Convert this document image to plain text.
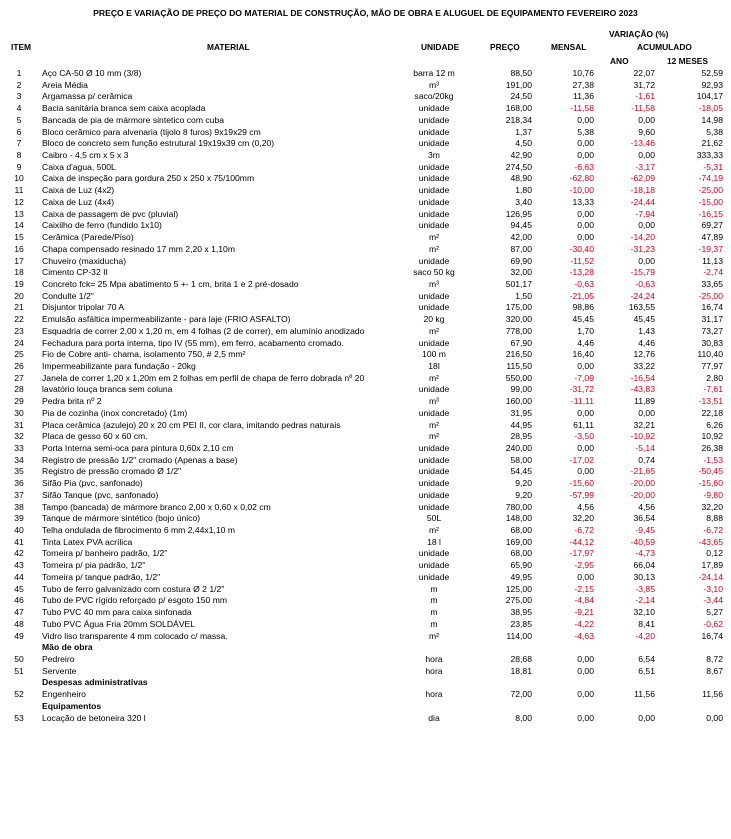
PREÇO E VARIAÇÃO DE PREÇO DO MATERIAL DE CONSTRUÇÃO, MÃO DE OBRA E ALUGUEL DE EQUIPAMENTO FEVEREIRO 2023
VARIAÇÃO (%)
ITEM	MATERIAL	UNIDADE	PREÇO	MENSAL	ACUMULADO
ANO	12 MESES
1	Aço CA-50 Ø 10 mm (3/8)	barra 12 m	88,50	10,76	22,07	52,59
2	Areia Média	m³	191,00	27,38	31,72	92,93
3	Argamassa p/ cerâmica	saco/20kg	24,50	11,36	-1,61	104,17
4	Bacia sanitária branca sem caixa acoplada	unidade	168,00	-11,58	-11,58	-18,05
5	Bancada de pia de mármore sintetico com cuba	unidade	218,34	0,00	0,00	14,98
6	Bloco cerâmico para alvenaria (tijolo 8 furos) 9x19x29 cm	unidade	1,37	5,38	9,60	5,38
7	Bloco de concreto sem função estrutural 19x19x39 cm (0,20)	unidade	4,50	0,00	-13,46	21,62
8	Caibro - 4,5 cm x 5 x 3	3m	42,90	0,00	0,00	333,33
9	Caixa d'agua, 500L	unidade	274,50	-6,63	-3,17	-5,31
10	Caixa de inspeção para gordura 250 x 250 x 75/100mm	unidade	48,90	-62,80	-62,09	-74,19
11	Caixa de Luz (4x2)	unidade	1,80	-10,00	-18,18	-25,00
12	Caixa de Luz (4x4)	unidade	3,40	13,33	-24,44	-15,00
13	Caixa de passagem de pvc (pluvial)	unidade	126,95	0,00	-7,94	-16,15
14	Caixilho de ferro (fundido 1x10)	unidade	94,45	0,00	0,00	69,27
15	Cerâmica (Parede/Piso)	m²	42,00	0,00	-14,20	47,89
16	Chapa compensado resinado 17 mm 2,20 x 1,10m	m²	87,00	-30,40	-31,23	-19,37
17	Chuveiro (maxiducha)	unidade	69,90	-11,52	0,00	11,13
18	Cimento CP-32 II	saco 50 kg	32,00	-13,28	-15,79	-2,74
19	Concreto fck= 25 Mpa abatimento 5 +- 1 cm, brita 1 e 2 pré-dosado	m³	501,17	-0,63	-0,63	33,65
20	Condulte 1/2"	unidade	1,50	-21,05	-24,24	-25,00
21	Disjuntor tripolar 70 A	unidade	175,00	98,86	163,55	16,74
22	Emulsão asfáltica impermeabilizante - para laje (FRIO ASFALTO)	20 kg	320,00	45,45	45,45	31,17
23	Esquadria de correr 2,00 x 1,20 m, em 4 folhas (2 de correr), em alumínio anodizado	m²	778,00	1,70	1,43	73,27
24	Fechadura para porta interna, tipo IV (55 mm), em ferro, acabamento cromado.	unidade	67,90	4,46	4,46	30,83
25	Fio de Cobre anti- chama, isolamento 750, # 2,5 mm²	100 m	216,50	16,40	12,76	110,40
26	Impermeabilizante para fundação - 20kg	18l	115,50	0,00	33,22	77,97
27	Janela de correr 1,20 x 1,20m em 2 folhas em perfil de chapa de ferro dobrada nº 20	m²	550,00	-7,09	-16,54	2,80
28	lavatório louça branca sem coluna	unidade	99,00	-31,72	-43,83	-7,61
29	Pedra brita nº 2	m³	160,00	-11,11	11,89	-13,51
30	Pia de cozinha (inox concretado) (1m)	unidade	31,95	0,00	0,00	22,18
31	Placa cerâmica (azulejo) 20 x 20 cm PEI II, cor clara, imitando pedras naturais	m²	44,95	61,11	32,21	6,26
32	Placa de gesso 60 x 60 cm.	m²	28,95	-3,50	-10,92	10,92
33	Porta Interna semi-oca para pintura 0,60x 2,10 cm	unidade	240,00	0,00	-5,14	26,38
34	Registro de pressão 1/2" cromado (Apenas a base)	unidade	58,00	-17,02	0,74	-1,53
35	Registro de pressão cromado Ø 1/2"	unidade	54,45	0,00	-21,65	-50,45
36	Sifão Pia (pvc, sanfonado)	unidade	9,20	-15,60	-20,00	-15,60
37	Sifão Tanque (pvc, sanfonado)	unidade	9,20	-57,99	-20,00	-9,80
38	Tampo (bancada) de mármore branco 2,00 x 0,60 x 0,02 cm	unidade	780,00	4,56	4,56	32,20
39	Tanque de mármore sintético (bojo único)	50L	148,00	32,20	36,54	8,88
40	Telha ondulada de fibrocimento 6 mm 2,44x1,10 m	m²	68,00	-6,72	-9,45	-6,72
41	Tinta Latex PVA acrílica	18 l	169,00	-44,12	-40,59	-43,65
42	Torneira p/ banheiro padrão, 1/2"	unidade	68,00	-17,97	-4,73	0,12
43	Torneira p/ pia padrão, 1/2"	unidade	65,90	-2,95	66,04	17,89
44	Torneira p/ tanque padrão, 1/2"	unidade	49,95	0,00	30,13	-24,14
45	Tubo de ferro galvanizado com costura Ø 2 1/2"	m	125,00	-2,15	-3,85	-3,10
46	Tubo de PVC rígido reforçado p/ esgoto 150 mm	m	275,00	-4,84	-2,14	-3,44
47	Tubo PVC 40 mm para caixa sinfonada	m	38,95	-9,21	32,10	5,27
48	Tubo PVC Água Fria 20mm SOLDÁVEL	m	23,85	-4,22	8,41	-0,62
49	Vidro liso transparente 4 mm colocado c/ massa.	m²	114,00	-4,63	-4,20	16,74
	Mão de obra					
50	Pedreiro	hora	28,68	0,00	6,54	8,72
51	Servente	hora	18,81	0,00	6,51	8,67
	Despesas administrativas					
52	Engenheiro	hora	72,00	0,00	11,56	11,56
	Equipamentos					
53	Locação de betoneira 320 l	dia	8,00	0,00	0,00	0,00
